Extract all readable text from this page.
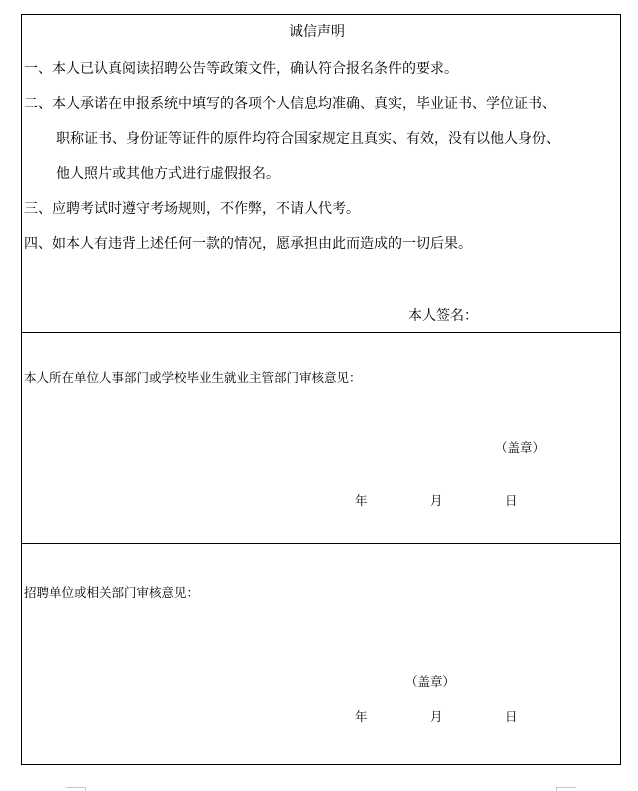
诚信声明
一、本人已认真阅读招聘公告等政策文件，确认符合报名条件的要求。
二、本人承诺在申报系统中填写的各项个人信息均准确、真实，毕业证书、学位证书、
职称证书、身份证等证件的原件均符合国家规定且真实、有效，没有以他人身份、
他人照片或其他方式进行虚假报名。
三、应聘考试时遵守考场规则，不作弊，不请人代考。
四、如本人有违背上述任何一款的情况，愿承担由此而造成的一切后果。
本人签名：
本人所在单位人事部门或学校毕业生就业主管部门审核意见：
（盖章）
年	月	日
招聘单位或相关部门审核意见：
（盖章）
年	月	日
